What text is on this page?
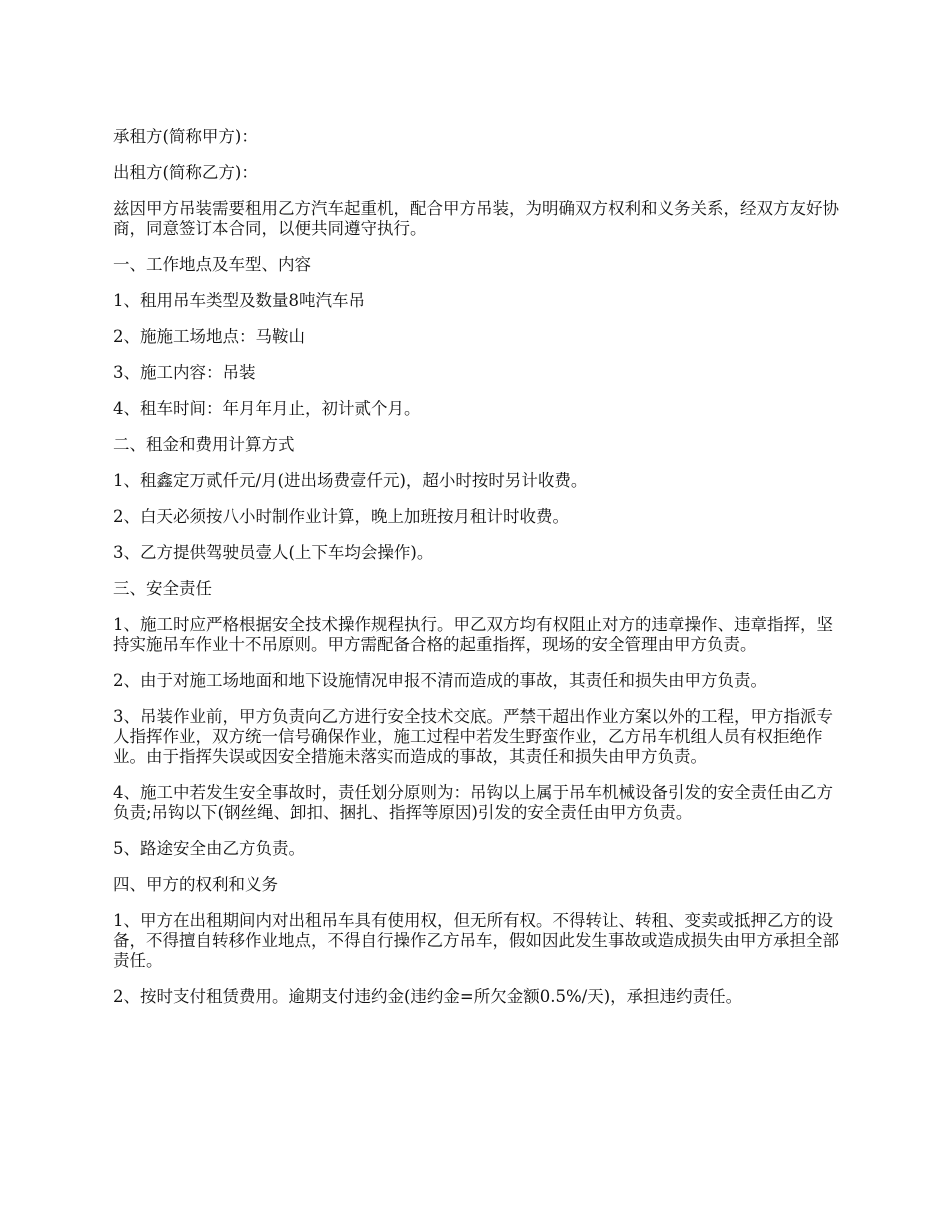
承租方(简称甲方)：

出租方(简称乙方)：

兹因甲方吊装需要租用乙方汽车起重机，配合甲方吊装，为明确双方权利和义务关系，经双方友好协商，同意签订本合同，以便共同遵守执行。

一、工作地点及车型、内容

1、租用吊车类型及数量8吨汽车吊

2、施施工场地点：马鞍山

3、施工内容：吊装

4、租车时间：年月年月止，初计贰个月。

二、租金和费用计算方式

1、租鑫定万贰仟元/月(进出场费壹仟元)，超小时按时另计收费。

2、白天必须按八小时制作业计算，晚上加班按月租计时收费。

3、乙方提供驾驶员壹人(上下车均会操作)。

三、安全责任

1、施工时应严格根据安全技术操作规程执行。甲乙双方均有权阻止对方的违章操作、违章指挥，坚持实施吊车作业十不吊原则。甲方需配备合格的起重指挥，现场的安全管理由甲方负责。

2、由于对施工场地面和地下设施情况申报不清而造成的事故，其责任和损失由甲方负责。

3、吊装作业前，甲方负责向乙方进行安全技术交底。严禁干超出作业方案以外的工程，甲方指派专人指挥作业，双方统一信号确保作业，施工过程中若发生野蛮作业，乙方吊车机组人员有权拒绝作业。由于指挥失误或因安全措施未落实而造成的事故，其责任和损失由甲方负责。

4、施工中若发生安全事故时，责任划分原则为：吊钩以上属于吊车机械设备引发的安全责任由乙方负责;吊钩以下(钢丝绳、卸扣、捆扎、指挥等原因)引发的安全责任由甲方负责。

5、路途安全由乙方负责。

四、甲方的权利和义务

1、甲方在出租期间内对出租吊车具有使用权，但无所有权。不得转让、转租、变卖或抵押乙方的设备，不得擅自转移作业地点，不得自行操作乙方吊车，假如因此发生事故或造成损失由甲方承担全部责任。

2、按时支付租赁费用。逾期支付违约金(违约金=所欠金额0.5%/天)，承担违约责任。
